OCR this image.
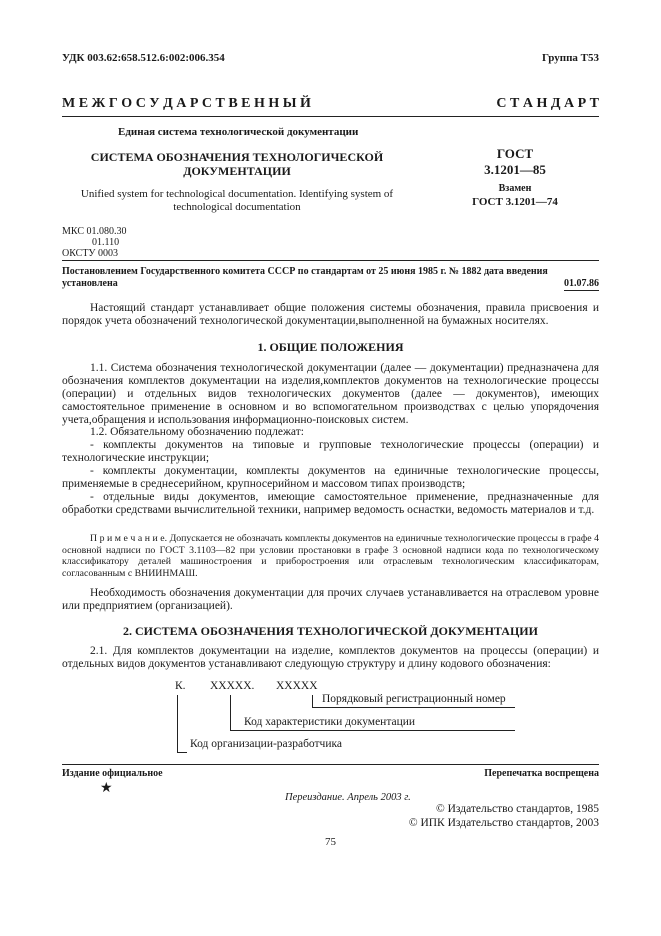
УДК 003.62:658.512.6:002:006.354	Группа Т53
М Е Ж Г О С У Д А Р С Т В Е Н Н Ы Й	С Т А Н Д А Р Т
Единая система технологической документации
СИСТЕМА ОБОЗНАЧЕНИЯ ТЕХНОЛОГИЧЕСКОЙ ДОКУМЕНТАЦИИ
Unified system for technological documentation. Identifying system of technological documentation
ГОСТ
3.1201—85
Взамен
ГОСТ 3.1201—74
МКС 01.080.30
01.110
ОКСТУ 0003
Постановлением Государственного комитета СССР по стандартам от 25 июня 1985 г. № 1882 дата введения установлена	01.07.86
Настоящий стандарт устанавливает общие положения системы обозначения, правила присвоения и порядок учета обозначений технологической документации,выполненной на бумажных носителях.
1. ОБЩИЕ ПОЛОЖЕНИЯ
1.1. Система обозначения технологической документации (далее — документации) предназначена для обозначения комплектов документации на изделия,комплектов документов на технологические процессы (операции) и отдельных видов технологических документов (далее — документов), имеющих самостоятельное применение в основном и во вспомогательном производствах с целью упорядочения учета,обращения и использования информационно-поисковых систем.
1.2. Обязательному обозначению подлежат:
- комплекты документов на типовые и групповые технологические процессы (операции) и технологические инструкции;
- комплекты документации, комплекты документов на единичные технологические процессы, применяемые в среднесерийном, крупносерийном и массовом типах производств;
- отдельные виды документов, имеющие самостоятельное применение, предназначенные для обработки средствами вычислительной техники, например ведомость оснастки, ведомость материалов и т.д.
П р и м е ч а н и е. Допускается не обозначать комплекты документов на единичные технологические процессы в графе 4 основной надписи по ГОСТ 3.1103—82 при условии простановки в графе 3 основной надписи кода по технологическому классификатору деталей машиностроения и приборостроения или отраслевым технологическим классификаторам, согласованным с ВНИИНМАШ.
Необходимость обозначения документации для прочих случаев устанавливается на отраслевом уровне или предприятием (организацией).
2. СИСТЕМА ОБОЗНАЧЕНИЯ ТЕХНОЛОГИЧЕСКОЙ ДОКУМЕНТАЦИИ
2.1. Для комплектов документации на изделие, комплектов документов на процессы (операции) и отдельных видов документов устанавливают следующую структуру и длину кодового обозначения:
К. ХХХХХ. ХХХХХ
Порядковый регистрационный номер
Код характеристики документации
Код организации-разработчика
Издание официальное	Перепечатка воспрещена
★
Переиздание. Апрель 2003 г.
© Издательство стандартов, 1985
© ИПК Издательство стандартов, 2003
75
